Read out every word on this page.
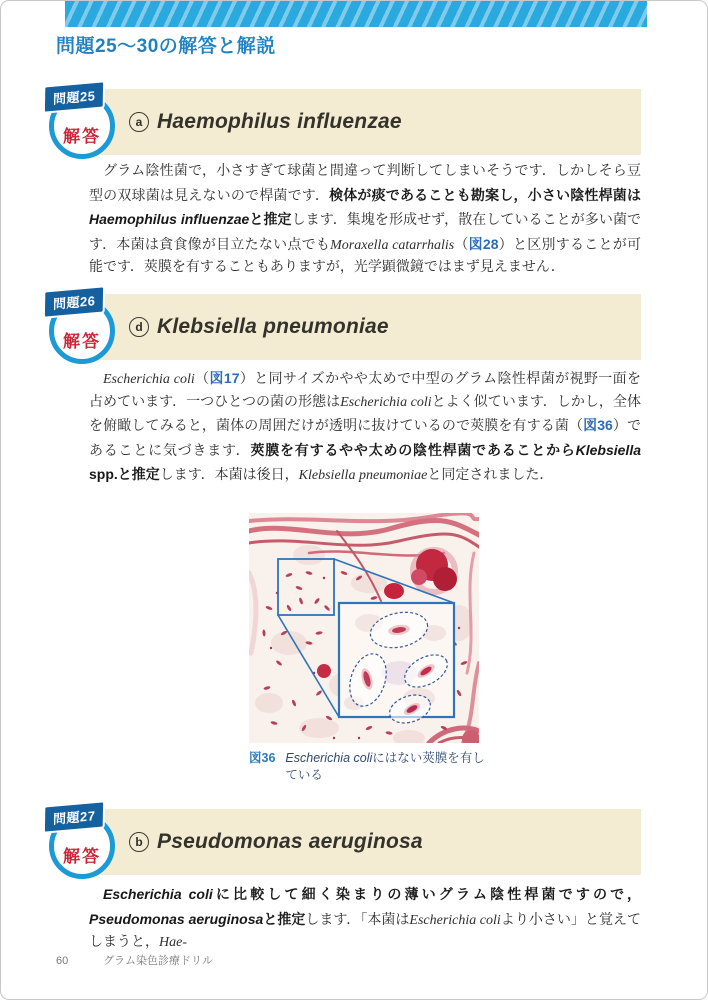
問題25～30の解答と解説
解答
問題25
a Haemophilus influenzae

グラム陰性菌で，小さすぎて球菌と間違って判断してしまいそうです．しかしそら豆型の双球菌は見えないので桿菌です．検体が痰であることも勘案し，小さい陰性桿菌はHaemophilus influenzaeと推定します．集塊を形成せず，散在していることが多い菌です．本菌は貪食像が目立たない点でもMoraxella catarrhalis（図28）と区別することが可能です．莢膜を有することもありますが，光学顕微鏡ではまず見えません．

解答
問題26
d Klebsiella pneumoniae

Escherichia coli（図17）と同サイズかやや太めで中型のグラム陰性桿菌が視野一面を占めています．一つひとつの菌の形態はEscherichia coliとよく似ています．しかし，全体を俯瞰してみると，菌体の周囲だけが透明に抜けているので莢膜を有する菌（図36）であることに気づきます．莢膜を有するやや太めの陰性桿菌であることからKlebsiella spp.と推定します．本菌は後日，Klebsiella pneumoniaeと同定されました．

図36 Escherichia coliにはない莢膜を有している
解答
問題27
b Pseudomonas aeruginosa

Escherichia coliに比較して細く染まりの薄いグラム陰性桿菌ですので，Pseudomonas aeruginosaと推定します．「本菌はEscherichia coliより小さい」と覚えてしまうと，Hae-

60	グラム染色診療ドリル
